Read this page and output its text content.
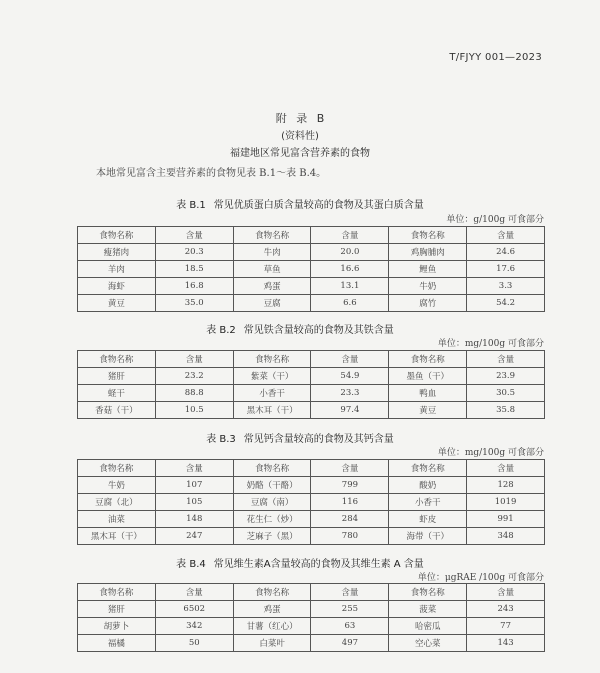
T/FJYY 001—2023
附 录 B
(资料性)
福建地区常见富含营养素的食物
本地常见富含主要营养素的食物见表 B.1～表 B.4。
表 B.1 常见优质蛋白质含量较高的食物及其蛋白质含量
单位：g/100g 可食部分
食物名称	含量	食物名称	含量	食物名称	含量
瘦猪肉	20.3	牛肉	20.0	鸡胸脯肉	24.6
羊肉	18.5	草鱼	16.6	鲤鱼	17.6
海虾	16.8	鸡蛋	13.1	牛奶	3.3
黄豆	35.0	豆腐	6.6	腐竹	54.2
表 B.2 常见铁含量较高的食物及其铁含量
单位：mg/100g 可食部分
食物名称	含量	食物名称	含量	食物名称	含量
猪肝	23.2	紫菜（干）	54.9	墨鱼（干）	23.9
蛏干	88.8	小香干	23.3	鸭血	30.5
香菇（干）	10.5	黑木耳（干）	97.4	黄豆	35.8
表 B.3 常见钙含量较高的食物及其钙含量
单位：mg/100g 可食部分
食物名称	含量	食物名称	含量	食物名称	含量
牛奶	107	奶酪（干酪）	799	酸奶	128
豆腐（北）	105	豆腐（南）	116	小香干	1019
油菜	148	花生仁（炒）	284	虾皮	991
黑木耳（干）	247	芝麻子（黑）	780	海带（干）	348
表 B.4 常见维生素A含量较高的食物及其维生素 A 含量
单位：μgRAE /100g 可食部分
食物名称	含量	食物名称	含量	食物名称	含量
猪肝	6502	鸡蛋	255	菠菜	243
胡萝卜	342	甘薯（红心）	63	哈密瓜	77
福橘	50	白菜叶	497	空心菜	143
